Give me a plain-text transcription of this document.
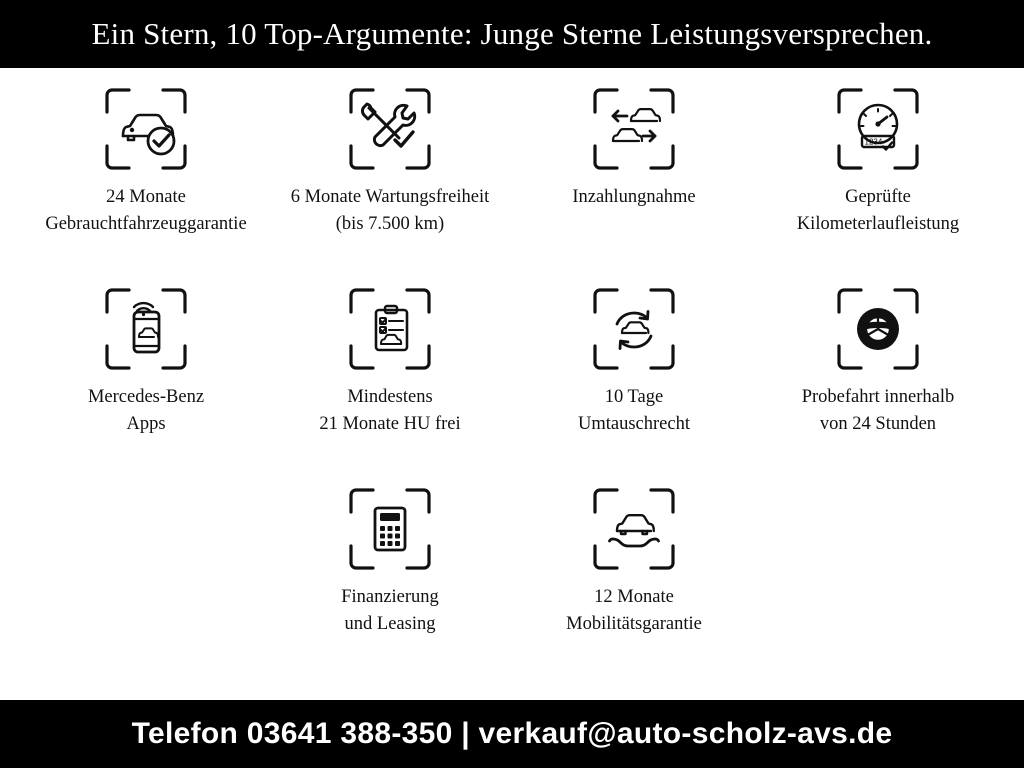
Ein Stern, 10 Top-Argumente: Junge Sterne Leistungsversprechen.
24 Monate
Gebrauchtfahrzeuggarantie
6 Monate Wartungsfreiheit
(bis 7.500 km)
Inzahlungnahme
1234
Geprüfte
Kilometerlaufleistung
Mercedes-Benz
Apps
Mindestens
21 Monate HU frei
10 Tage
Umtauschrecht
Probefahrt innerhalb
von 24 Stunden
Finanzierung
und Leasing
12 Monate
Mobilitätsgarantie
Telefon 03641 388-350 | verkauf@auto-scholz-avs.de
